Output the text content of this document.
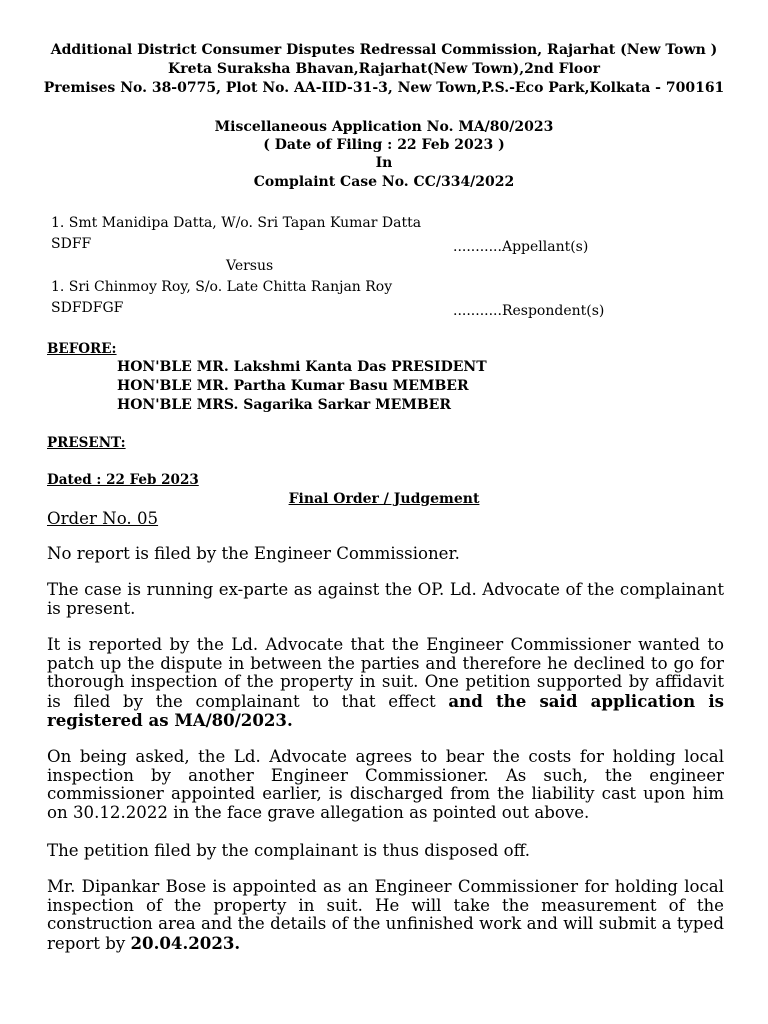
Additional District Consumer Disputes Redressal Commission, Rajarhat (New Town )
Kreta Suraksha Bhavan,Rajarhat(New Town),2nd Floor
Premises No. 38-0775, Plot No. AA-IID-31-3, New Town,P.S.-Eco Park,Kolkata - 700161
Miscellaneous Application No. MA/80/2023
( Date of Filing : 22 Feb 2023 )
In
Complaint Case No. CC/334/2022
1. Smt Manidipa Datta, W/o. Sri Tapan Kumar Datta
SDFF	...........Appellant(s)
Versus
1. Sri Chinmoy Roy, S/o. Late Chitta Ranjan Roy
SDFDFGF	...........Respondent(s)
BEFORE:
HON'BLE MR. Lakshmi Kanta Das PRESIDENT
HON'BLE MR. Partha Kumar Basu MEMBER
HON'BLE MRS. Sagarika Sarkar MEMBER
PRESENT:
Dated : 22 Feb 2023
Final Order / Judgement
Order No. 05
No report is filed by the Engineer Commissioner.
The case is running ex-parte as against the OP. Ld. Advocate of the complainant is present.
It is reported by the Ld. Advocate that the Engineer Commissioner wanted to patch up the dispute in between the parties and therefore he declined to go for thorough inspection of the property in suit. One petition supported by affidavit is filed by the complainant to that effect and the said application is registered as MA/80/2023.
On being asked, the Ld. Advocate agrees to bear the costs for holding local inspection by another Engineer Commissioner. As such, the engineer commissioner appointed earlier, is discharged from the liability cast upon him on 30.12.2022 in the face grave allegation as pointed out above.
The petition filed by the complainant is thus disposed off.
Mr. Dipankar Bose is appointed as an Engineer Commissioner for holding local inspection of the property in suit. He will take the measurement of the construction area and the details of the unfinished work and will submit a typed report by 20.04.2023.
